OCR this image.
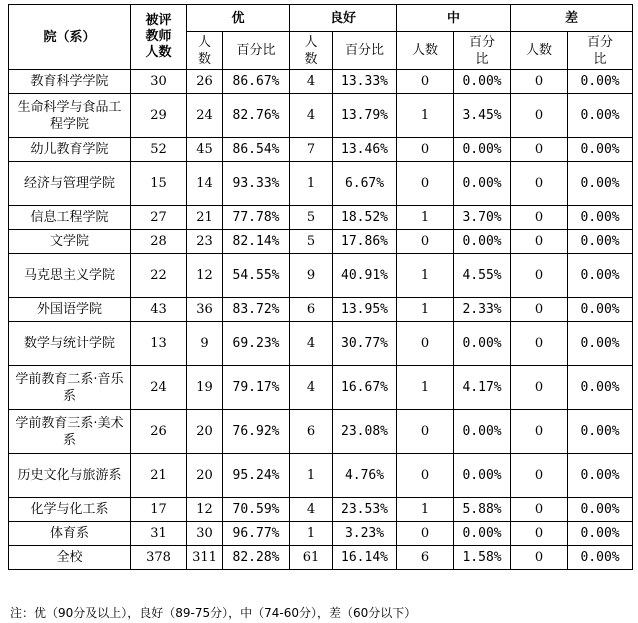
院（系）	被评教师人数	优		良好		中		差	
		人数	百分比	人数	百分比	人数	百分比	人数	百分比
教育科学学院	30	26	86.67%	4	13.33%	0	0.00%	0	0.00%
生命科学与食品工程学院	29	24	82.76%	4	13.79%	1	3.45%	0	0.00%
幼儿教育学院	52	45	86.54%	7	13.46%	0	0.00%	0	0.00%
经济与管理学院	15	14	93.33%	1	6.67%	0	0.00%	0	0.00%
信息工程学院	27	21	77.78%	5	18.52%	1	3.70%	0	0.00%
文学院	28	23	82.14%	5	17.86%	0	0.00%	0	0.00%
马克思主义学院	22	12	54.55%	9	40.91%	1	4.55%	0	0.00%
外国语学院	43	36	83.72%	6	13.95%	1	2.33%	0	0.00%
数学与统计学院	13	9	69.23%	4	30.77%	0	0.00%	0	0.00%
学前教育二系·音乐系	24	19	79.17%	4	16.67%	1	4.17%	0	0.00%
学前教育三系·美术系	26	20	76.92%	6	23.08%	0	0.00%	0	0.00%
历史文化与旅游系	21	20	95.24%	1	4.76%	0	0.00%	0	0.00%
化学与化工系	17	12	70.59%	4	23.53%	1	5.88%	0	0.00%
体育系	31	30	96.77%	1	3.23%	0	0.00%	0	0.00%
全校	378	311	82.28%	61	16.14%	6	1.58%	0	0.00%
注：优（90分及以上），良好（89-75分），中（74-60分），差（60分以下）
